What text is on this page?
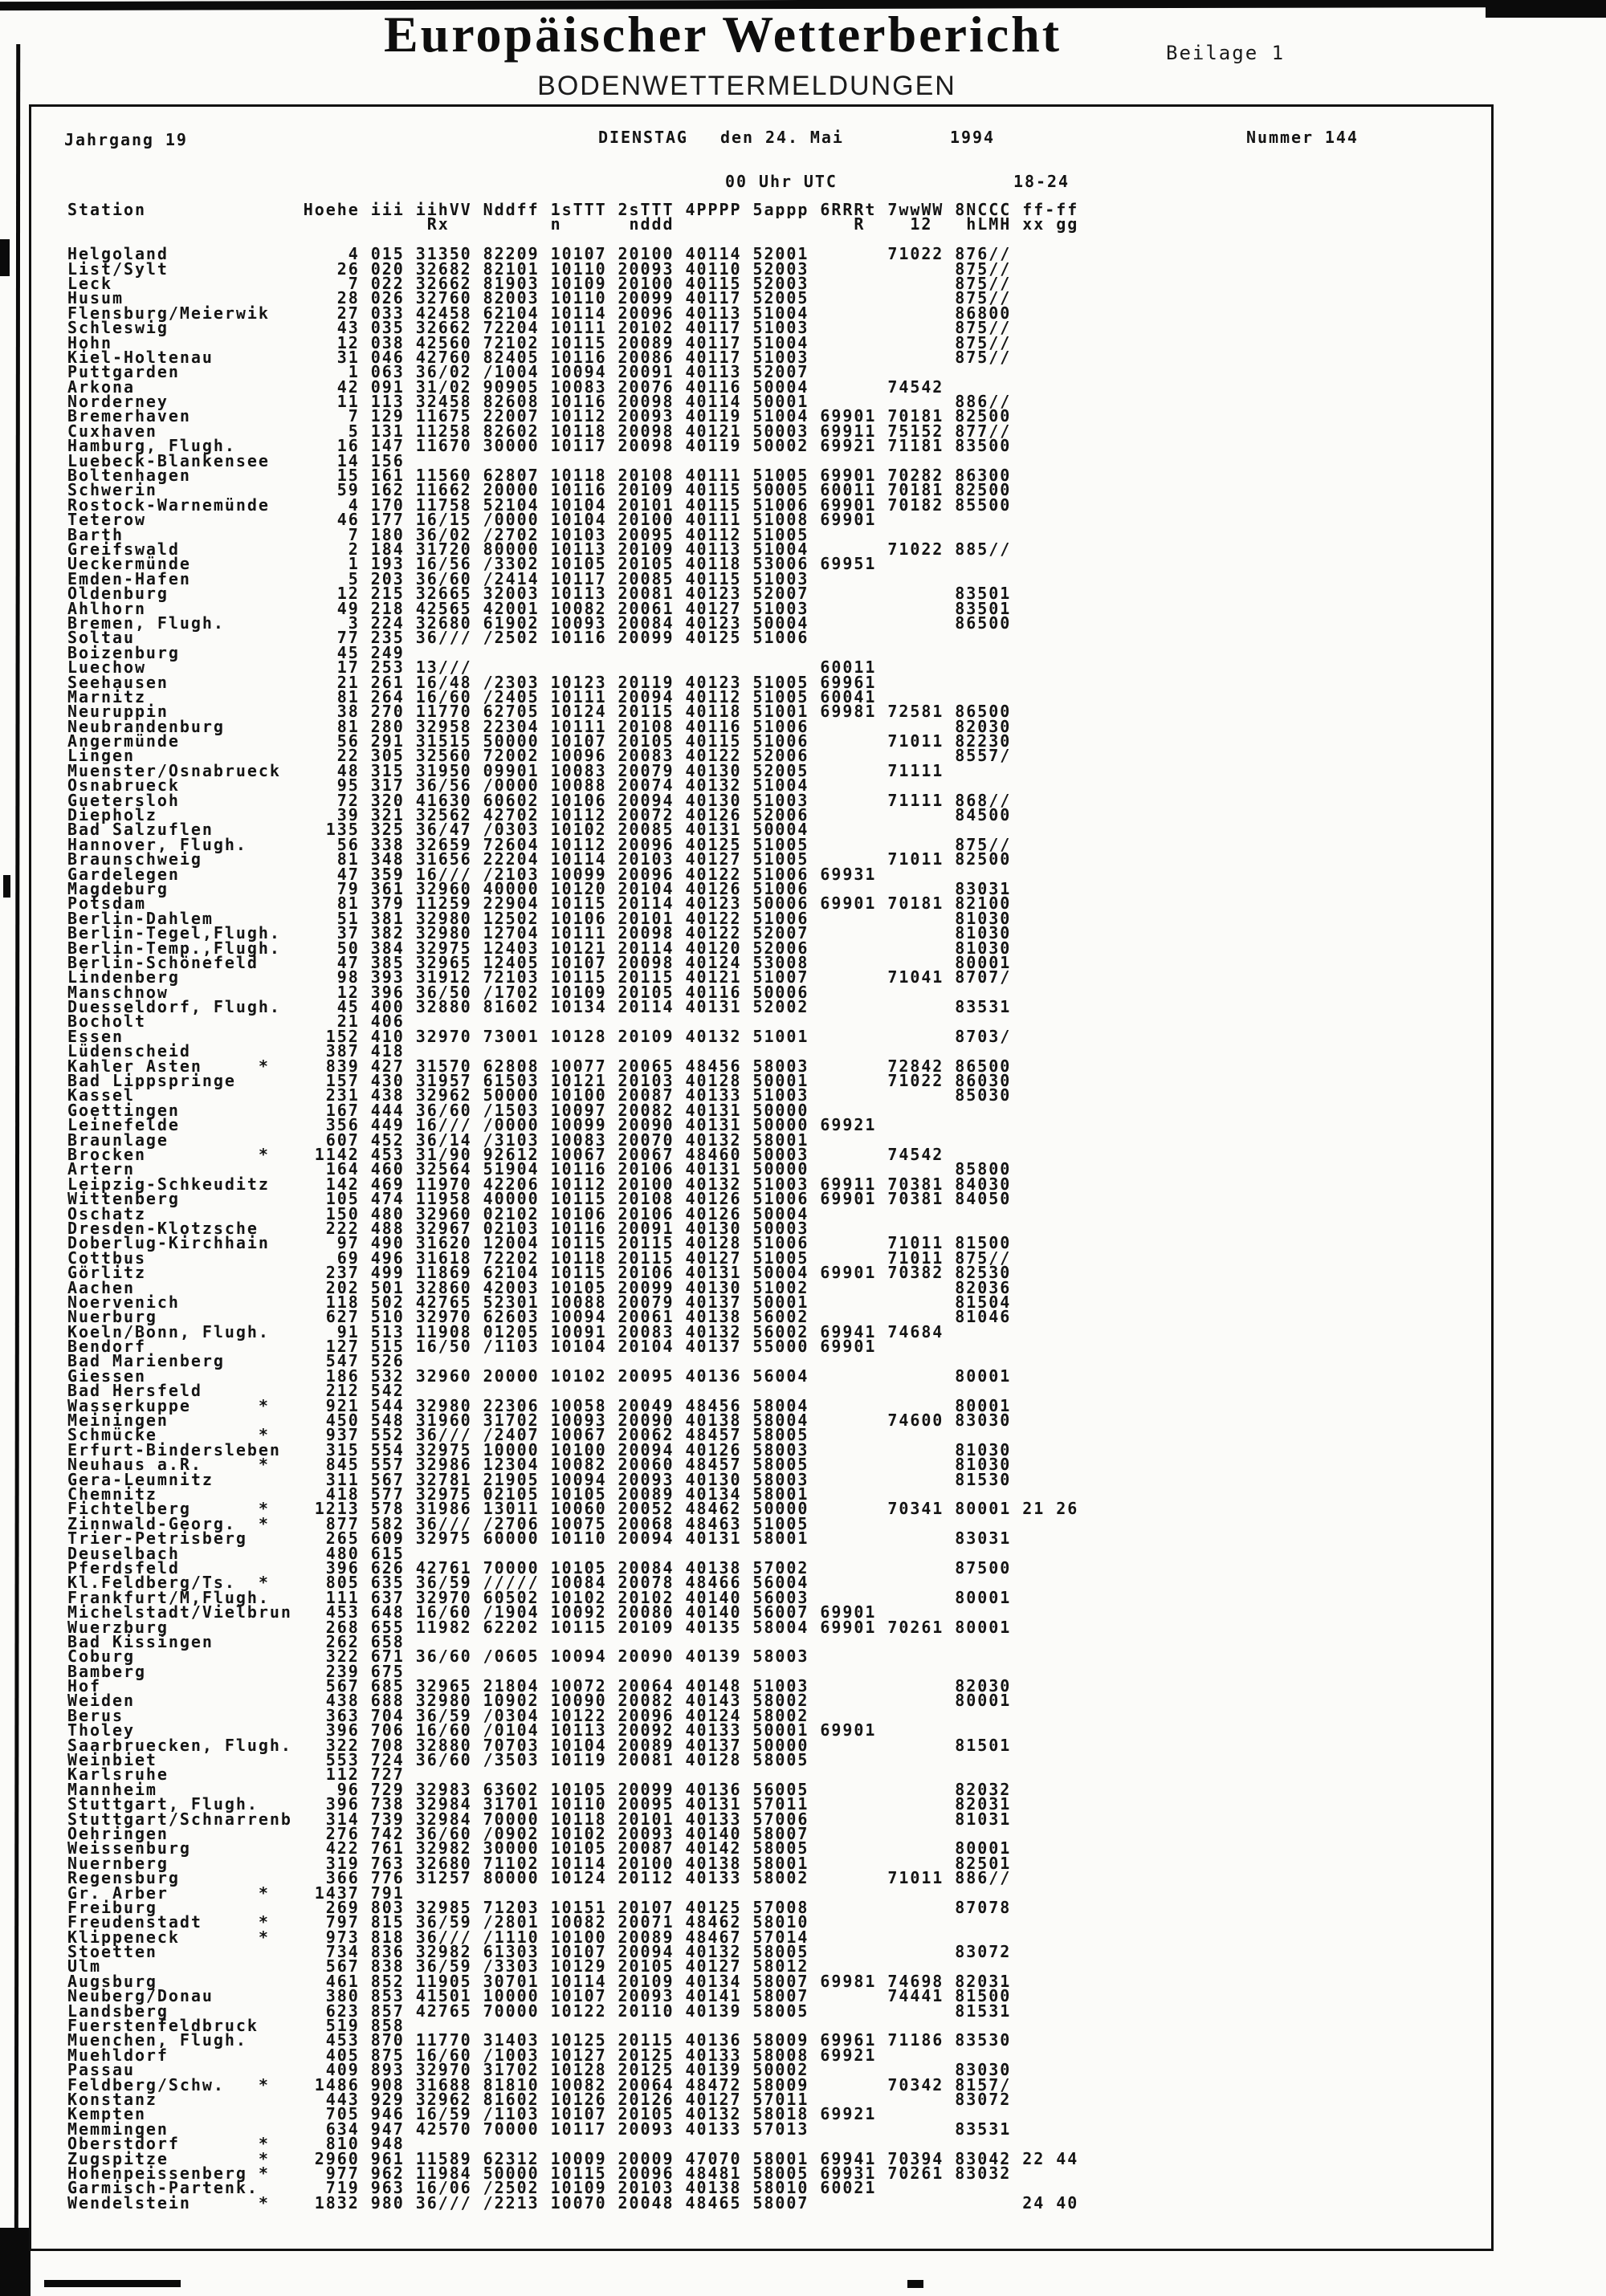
Europäischer Wetterbericht	Beilage 1
BODENWETTERMELDUNGEN
Jahrgang 19	DIENSTAG den 24. Mai	1994	Nummer 144
00 Uhr UTC	18-24
Station              Hoehe iii iihVV Nddff 1sTTT 2sTTT 4PPPP 5appp 6RRRt 7wwWW 8NCCC ff-ff
Rx         n      nddd                R    12   hLMH xx gg

Helgoland                4 015 31350 82209 10107 20100 40114 52001       71022 876//
List/Sylt               26 020 32682 82101 10110 20093 40110 52003             875//
Leck                     7 022 32662 81903 10109 20100 40115 52003             875//
Husum                   28 026 32760 82003 10110 20099 40117 52005             875//
Flensburg/Meierwik      27 033 42458 62104 10114 20096 40113 51004             86800
Schleswig               43 035 32662 72204 10111 20102 40117 51003             875//
Hohn                    12 038 42560 72102 10115 20089 40117 51004             875//
Kiel-Holtenau           31 046 42760 82405 10116 20086 40117 51003             875//
Puttgarden               1 063 36/02 /1004 10094 20091 40113 52007
Arkona                  42 091 31/02 90905 10083 20076 40116 50004       74542
Norderney               11 113 32458 82608 10116 20098 40114 50001             886//
Bremerhaven              7 129 11675 22007 10112 20093 40119 51004 69901 70181 82500
Cuxhaven                 5 131 11258 82602 10118 20098 40121 50003 69911 75152 877//
Hamburg, Flugh.         16 147 11670 30000 10117 20098 40119 50002 69921 71181 83500
Luebeck-Blankensee      14 156
Boltenhagen             15 161 11560 62807 10118 20108 40111 51005 69901 70282 86300
Schwerin                59 162 11662 20000 10116 20109 40115 50005 60011 70181 82500
Rostock-Warnemünde       4 170 11758 52104 10104 20101 40115 51006 69901 70182 85500
Teterow                 46 177 16/15 /0000 10104 20100 40111 51008 69901
Barth                    7 180 36/02 /2702 10103 20095 40112 51005
Greifswald               2 184 31720 80000 10113 20109 40113 51004       71022 885//
Ueckermünde              1 193 16/56 /3302 10105 20105 40118 53006 69951
Emden-Hafen              5 203 36/60 /2414 10117 20085 40115 51003
Oldenburg               12 215 32665 32003 10113 20081 40123 52007             83501
Ahlhorn                 49 218 42565 42001 10082 20061 40127 51003             83501
Bremen, Flugh.           3 224 32680 61902 10093 20084 40123 50004             86500
Soltau                  77 235 36/// /2502 10116 20099 40125 51006
Boizenburg              45 249
Luechow                 17 253 13///                               60011
Seehausen               21 261 16/48 /2303 10123 20119 40123 51005 69961
Marnitz                 81 264 16/60 /2405 10111 20094 40112 51005 60041
Neuruppin               38 270 11770 62705 10124 20115 40118 51001 69981 72581 86500
Neubrandenburg          81 280 32958 22304 10111 20108 40116 51006             82030
Angermünde              56 291 31515 50000 10107 20105 40115 51006       71011 82230
Lingen                  22 305 32560 72002 10096 20083 40122 52006             8557/
Muenster/Osnabrueck     48 315 31950 09901 10083 20079 40130 52005       71111
Osnabrueck              95 317 36/56 /0000 10088 20074 40132 51004
Guetersloh              72 320 41630 60602 10106 20094 40130 51003       71111 868//
Diepholz                39 321 32562 42702 10112 20072 40126 52006             84500
Bad Salzuflen          135 325 36/47 /0303 10102 20085 40131 50004
Hannover, Flugh.        56 338 32659 72604 10112 20096 40125 51005             875//
Braunschweig            81 348 31656 22204 10114 20103 40127 51005       71011 82500
Gardelegen              47 359 16/// /2103 10099 20096 40122 51006 69931
Magdeburg               79 361 32960 40000 10120 20104 40126 51006             83031
Potsdam                 81 379 11259 22904 10115 20114 40123 50006 69901 70181 82100
Berlin-Dahlem           51 381 32980 12502 10106 20101 40122 51006             81030
Berlin-Tegel,Flugh.     37 382 32980 12704 10111 20098 40122 52007             81030
Berlin-Temp.,Flugh.     50 384 32975 12403 10121 20114 40120 52006             81030
Berlin-Schönefeld       47 385 32965 12405 10107 20098 40124 53008             80001
Lindenberg              98 393 31912 72103 10115 20115 40121 51007       71041 8707/
Manschnow               12 396 36/50 /1702 10109 20105 40116 50006
Duesseldorf, Flugh.     45 400 32880 81602 10134 20114 40131 52002             83531
Bocholt                 21 406
Essen                  152 410 32970 73001 10128 20109 40132 51001             8703/
Lüdenscheid            387 418
Kahler Asten     *     839 427 31570 62808 10077 20065 48456 58003       72842 86500
Bad Lippspringe        157 430 31957 61503 10121 20103 40128 50001       71022 86030
Kassel                 231 438 32962 50000 10100 20087 40133 51003             85030
Goettingen             167 444 36/60 /1503 10097 20082 40131 50000
Leinefelde             356 449 16/// /0000 10099 20090 40131 50000 69921
Braunlage              607 452 36/14 /3103 10083 20070 40132 58001
Brocken          *    1142 453 31/90 92612 10067 20067 48460 50003       74542
Artern                 164 460 32564 51904 10116 20106 40131 50000             85800
Leipzig-Schkeuditz     142 469 11970 42206 10112 20100 40132 51003 69911 70381 84030
Wittenberg             105 474 11958 40000 10115 20108 40126 51006 69901 70381 84050
Oschatz                150 480 32960 02102 10106 20106 40126 50004
Dresden-Klotzsche      222 488 32967 02103 10116 20091 40130 50003
Doberlug-Kirchhain      97 490 31620 12004 10115 20115 40128 51006       71011 81500
Cottbus                 69 496 31618 72202 10118 20115 40127 51005       71011 875//
Görlitz                237 499 11869 62104 10115 20106 40131 50004 69901 70382 82530
Aachen                 202 501 32860 42003 10105 20099 40130 51002             82036
Noervenich             118 502 42765 52301 10088 20079 40137 50001             81504
Nuerburg               627 510 32970 62603 10094 20061 40138 56002             81046
Koeln/Bonn, Flugh.      91 513 11908 01205 10091 20083 40132 56002 69941 74684
Bendorf                127 515 16/50 /1103 10104 20104 40137 55000 69901
Bad Marienberg         547 526
Giessen                186 532 32960 20000 10102 20095 40136 56004             80001
Bad Hersfeld           212 542
Wasserkuppe      *     921 544 32980 22306 10058 20049 48456 58004             80001
Meiningen              450 548 31960 31702 10093 20090 40138 58004       74600 83030
Schmücke         *     937 552 36/// /2407 10067 20062 48457 58005
Erfurt-Bindersleben    315 554 32975 10000 10100 20094 40126 58003             81030
Neuhaus a.R.     *     845 557 32986 12304 10082 20060 48457 58005             81030
Gera-Leumnitz          311 567 32781 21905 10094 20093 40130 58003             81530
Chemnitz               418 577 32975 02105 10105 20089 40134 58001
Fichtelberg      *    1213 578 31986 13011 10060 20052 48462 50000       70341 80001 21 26
Zinnwald-Georg.  *     877 582 36/// /2706 10075 20068 48463 51005
Trier-Petrisberg       265 609 32975 60000 10110 20094 40131 58001             83031
Deuselbach             480 615
Pferdsfeld             396 626 42761 70000 10105 20084 40138 57002             87500
Kl.Feldberg/Ts.  *     805 635 36/59 ///// 10084 20078 48466 56004
Frankfurt/M,Flugh.     111 637 32970 60502 10102 20102 40140 56003             80001
Michelstadt/Vielbrun   453 648 16/60 /1904 10092 20080 40140 56007 69901
Wuerzburg              268 655 11982 62202 10115 20109 40135 58004 69901 70261 80001
Bad Kissingen          262 658
Coburg                 322 671 36/60 /0605 10094 20090 40139 58003
Bamberg                239 675
Hof                    567 685 32965 21804 10072 20064 40148 51003             82030
Weiden                 438 688 32980 10902 10090 20082 40143 58002             80001
Berus                  363 704 36/59 /0304 10122 20096 40124 58002
Tholey                 396 706 16/60 /0104 10113 20092 40133 50001 69901
Saarbruecken, Flugh.   322 708 32880 70703 10104 20089 40137 50000             81501
Weinbiet               553 724 36/60 /3503 10119 20081 40128 58005
Karlsruhe              112 727
Mannheim                96 729 32983 63602 10105 20099 40136 56005             82032
Stuttgart, Flugh.      396 738 32984 31701 10110 20095 40131 57011             82031
Stuttgart/Schnarrenb   314 739 32984 70000 10118 20101 40133 57006             81031
Oehringen              276 742 36/60 /0902 10102 20093 40140 58007
Weissenburg            422 761 32982 30000 10105 20087 40142 58005             80001
Nuernberg              319 763 32680 71102 10114 20100 40138 58001             82501
Regensburg             366 776 31257 80000 10124 20112 40133 58002       71011 886//
Gr. Arber        *    1437 791
Freiburg               269 803 32985 71203 10151 20107 40125 57008             87078
Freudenstadt     *     797 815 36/59 /2801 10082 20071 48462 58010
Klippeneck       *     973 818 36/// /1110 10100 20089 48467 57014
Stoetten               734 836 32982 61303 10107 20094 40132 58005             83072
Ulm                    567 838 36/59 /3303 10129 20105 40127 58012
Augsburg               461 852 11905 30701 10114 20109 40134 58007 69981 74698 82031
Neuberg/Donau          380 853 41501 10000 10107 20093 40141 58007       74441 81500
Landsberg              623 857 42765 70000 10122 20110 40139 58005             81531
Fuerstenfeldbruck      519 858
Muenchen, Flugh.       453 870 11770 31403 10125 20115 40136 58009 69961 71186 83530
Muehldorf              405 875 16/60 /1003 10127 20125 40133 58008 69921
Passau                 409 893 32970 31702 10128 20125 40139 50002             83030
Feldberg/Schw.   *    1486 908 31688 81810 10082 20064 48472 58009       70342 8157/
Konstanz               443 929 32962 81602 10126 20126 40127 57011             83072
Kempten                705 946 16/59 /1103 10107 20105 40132 58018 69921
Memmingen              634 947 42570 70000 10117 20093 40133 57013             83531
Oberstdorf       *     810 948
Zugspitze        *    2960 961 11589 62312 10009 20009 47070 58001 69941 70394 83042 22 44
Hohenpeissenberg *     977 962 11984 50000 10115 20096 48481 58005 69931 70261 83032
Garmisch-Partenk.      719 963 16/06 /2502 10109 20103 40138 58010 60021
Wendelstein      *    1832 980 36/// /2213 10070 20048 48465 58007                   24 40
